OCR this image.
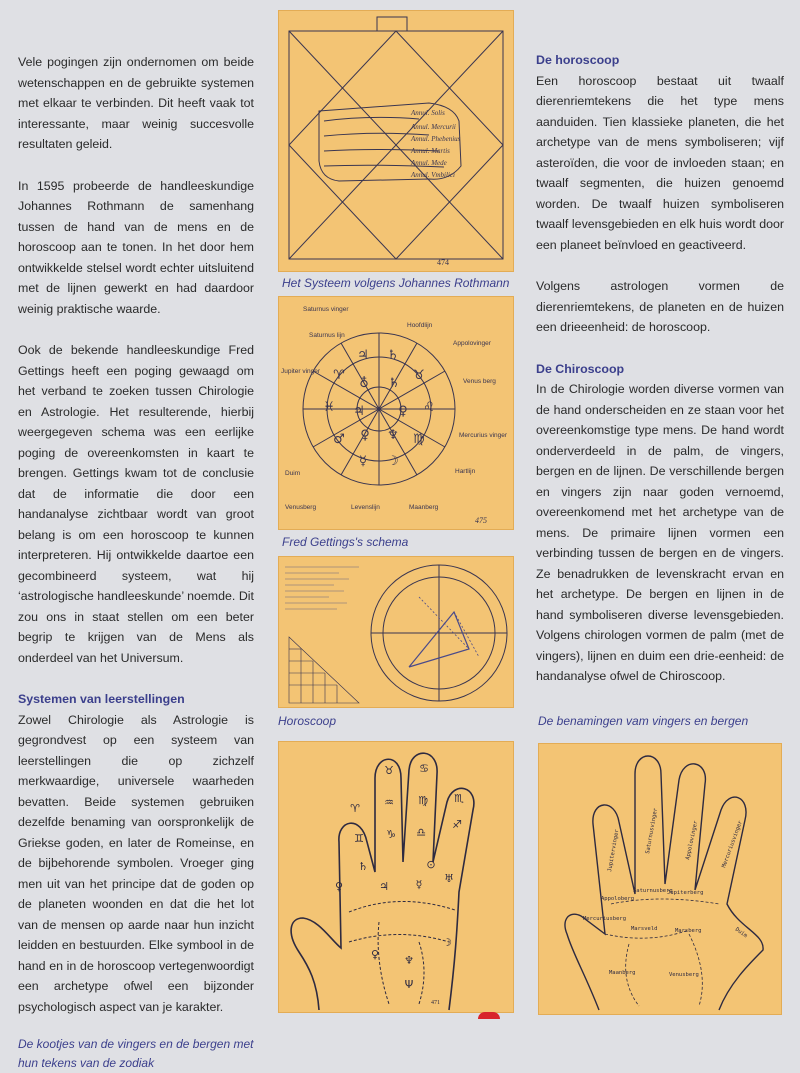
Vele pogingen zijn ondernomen om beide wetenschappen en de gebruikte systemen met elkaar te verbinden. Dit heeft vaak tot interessante, maar weinig succesvolle resultaten geleid.

In 1595 probeerde de handleeskundige Johannes Rothmann de samenhang tussen de hand van de mens en de horoscoop aan te tonen. In het door hem ontwikkelde stelsel wordt echter uitsluitend met de lijnen gewerkt en had daardoor weinig praktische waarde.

Ook de bekende handleeskundige Fred Gettings heeft een poging gewaagd om het verband te zoeken tussen Chirologie en Astrologie. Het resulterende, hierbij weergegeven schema was een eerlijke poging de overeenkomsten in kaart te brengen. Gettings kwam tot de conclusie dat de informatie die door een handanalyse zichtbaar wordt van groot belang is om een horoscoop te kunnen interpreteren. Hij ontwikkelde daartoe een gecombineerd systeem, wat hij ‘astrologische handleeskunde’ noemde. Dit zou ons in staat stellen om een beter begrip te krijgen van de Mens als onderdeel van het Universum.

Systemen van leerstellingen

Zowel Chirologie als Astrologie is gegrondvest op een systeem van leerstellingen die op zichzelf merkwaardige, universele waarheden bevatten. Beide systemen gebruiken dezelfde benaming van oorspronkelijk de Griekse goden, en later de Romeinse, en de bijbehorende symbolen. Vroeger ging men uit van het principe dat de goden op de planeten woonden en dat die het lot van de mensen op aarde naar hun inzicht leidden en bestuurden. Elke symbool in de hand en in de horoscoop vertegenwoordigt een archetype ofwel een bijzonder psychologisch aspect van je karakter.

De kootjes van de vingers en de bergen met hun tekens van de zodiak

474
Annul. Solis
Annul. Mercurii
Annul. Phebenius
Annul. Martis
Annul. Mede
Annul. Vmbilici

Het Systeem volgens Johannes Rothmann

♃ ♄
♉
♌
♍
☽
☿
♂
♓
♈
♁ ♄
♃	♀
♀ ♆
Saturnus vinger
Hoofdlijn
Saturnus lijn
Appolovinger
Jupiter vinger
Venus berg
Mercurius vinger
Duim	Hartlijn
Venusberg	Levenslijn	Maanberg
475

Fred Gettings's schema

Horoscoop

♈
♊
♄
♉
♒
♑
♋
♍
♎
♏
♐
♃
♅
☿
♀ ♆
Ψ
☽
♀
⊙
471

De horoscoop

Een horoscoop bestaat uit twaalf dierenriemtekens die het type mens aanduiden. Tien klassieke planeten, die het archetype van de mens symboliseren; vijf asteroïden, die voor de invloeden staan; en twaalf segmenten, die huizen genoemd worden. De twaalf huizen symboliseren twaalf levensgebieden en elk huis wordt door een planeet beïnvloed en geactiveerd.

Volgens astrologen vormen de dierenriemtekens, de planeten en de huizen een drieeenheid: de horoscoop.

De Chiroscoop

In de Chirologie worden diverse vormen van de hand onderscheiden en ze staan voor het overeenkomstige type mens. De hand wordt onderverdeeld in de palm, de vingers, bergen en de lijnen. De verschillende bergen en vingers zijn naar goden vernoemd, overeenkomend met het archetype van de mens. De primaire lijnen vormen een verbinding tussen de bergen en de vingers. Ze benadrukken de levenskracht ervan en het archetype. De bergen en lijnen in de hand symboliseren diverse levensgebieden. Volgens chirologen vormen de palm (met de vingers), lijnen en duim een drie-eenheid: de handanalyse ofwel de Chiroscoop.

De benamingen vam vingers en bergen

Saturnusvinger	Appolovinger
Jupitervinger	Mercuriusvinger
Duim
Saturnusberg
Appoloberg
Jupiterberg
Mercuriusberg
Marsveld	Marsberg
Maanberg	Venusberg
